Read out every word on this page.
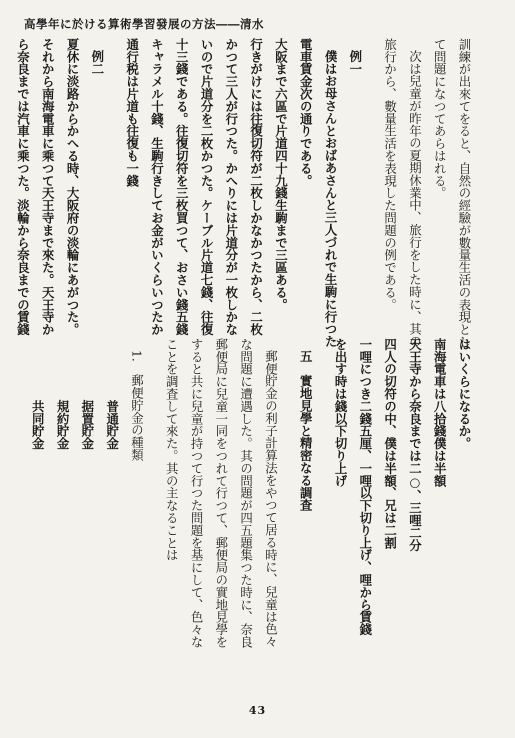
高學年に於ける算術學習發展の方法――清水

訓練が出來てをると、自然の經驗が數量生活の表現とし

て問題になつてあらはれる。

次は兒童が昨年の夏期休業中、旅行をした時に、其の

旅行から、數量生活を表現した問題の例である。

例一

僕はお母さんとおばあさんと三人づれで生駒に行つた

電車賃金次の通りである。

大阪まで六區で片道四十九錢生駒まで三區ある。

行きがけには往復切符が二枚しかなかつたから、二枚

かつて三人が行つた。かへりには片道分が一枚しかな

いので片道分を二枚かつた。ケーブル片道七錢、往復

十三錢である。往復切符を三枚買つて、おさい錢五錢

キャラメル十錢、生駒行きしてお金がいくらいつたか

通行税は片道も往復も一錢

例二

夏休に淡路からかへる時、大阪府の淡輪にあがつた。

それから南海電車に乘つて天王寺まで來た。天王寺か

ら奈良までは汽車に乘つた。淡輪から奈良までの賃錢

はいくらになるか。

南海電車は八拾錢僕は半額

天王寺から奈良までは二○、三哩二分

四人の切符の中、僕は半額、兄は二割

一哩につき二錢五厘、一哩以下切り上げ、哩から賃錢

を出す時は錢以下切り上げ

五　實地見學と精密なる調査

郵便貯金の利子計算法をやつて居る時に、兒童は色々

な問題に遭遇した。其の問題が四五題集つた時に、奈良

郵便局に兒童一同をつれて行つて、郵便局の實地見學を

すると共に兒童が持つて行つた問題を基にして、色々な

ことを調査して來た。其の主なることは

1.　郵便貯金の種類

普通貯金

据置貯金

規約貯金

共同貯金

43
